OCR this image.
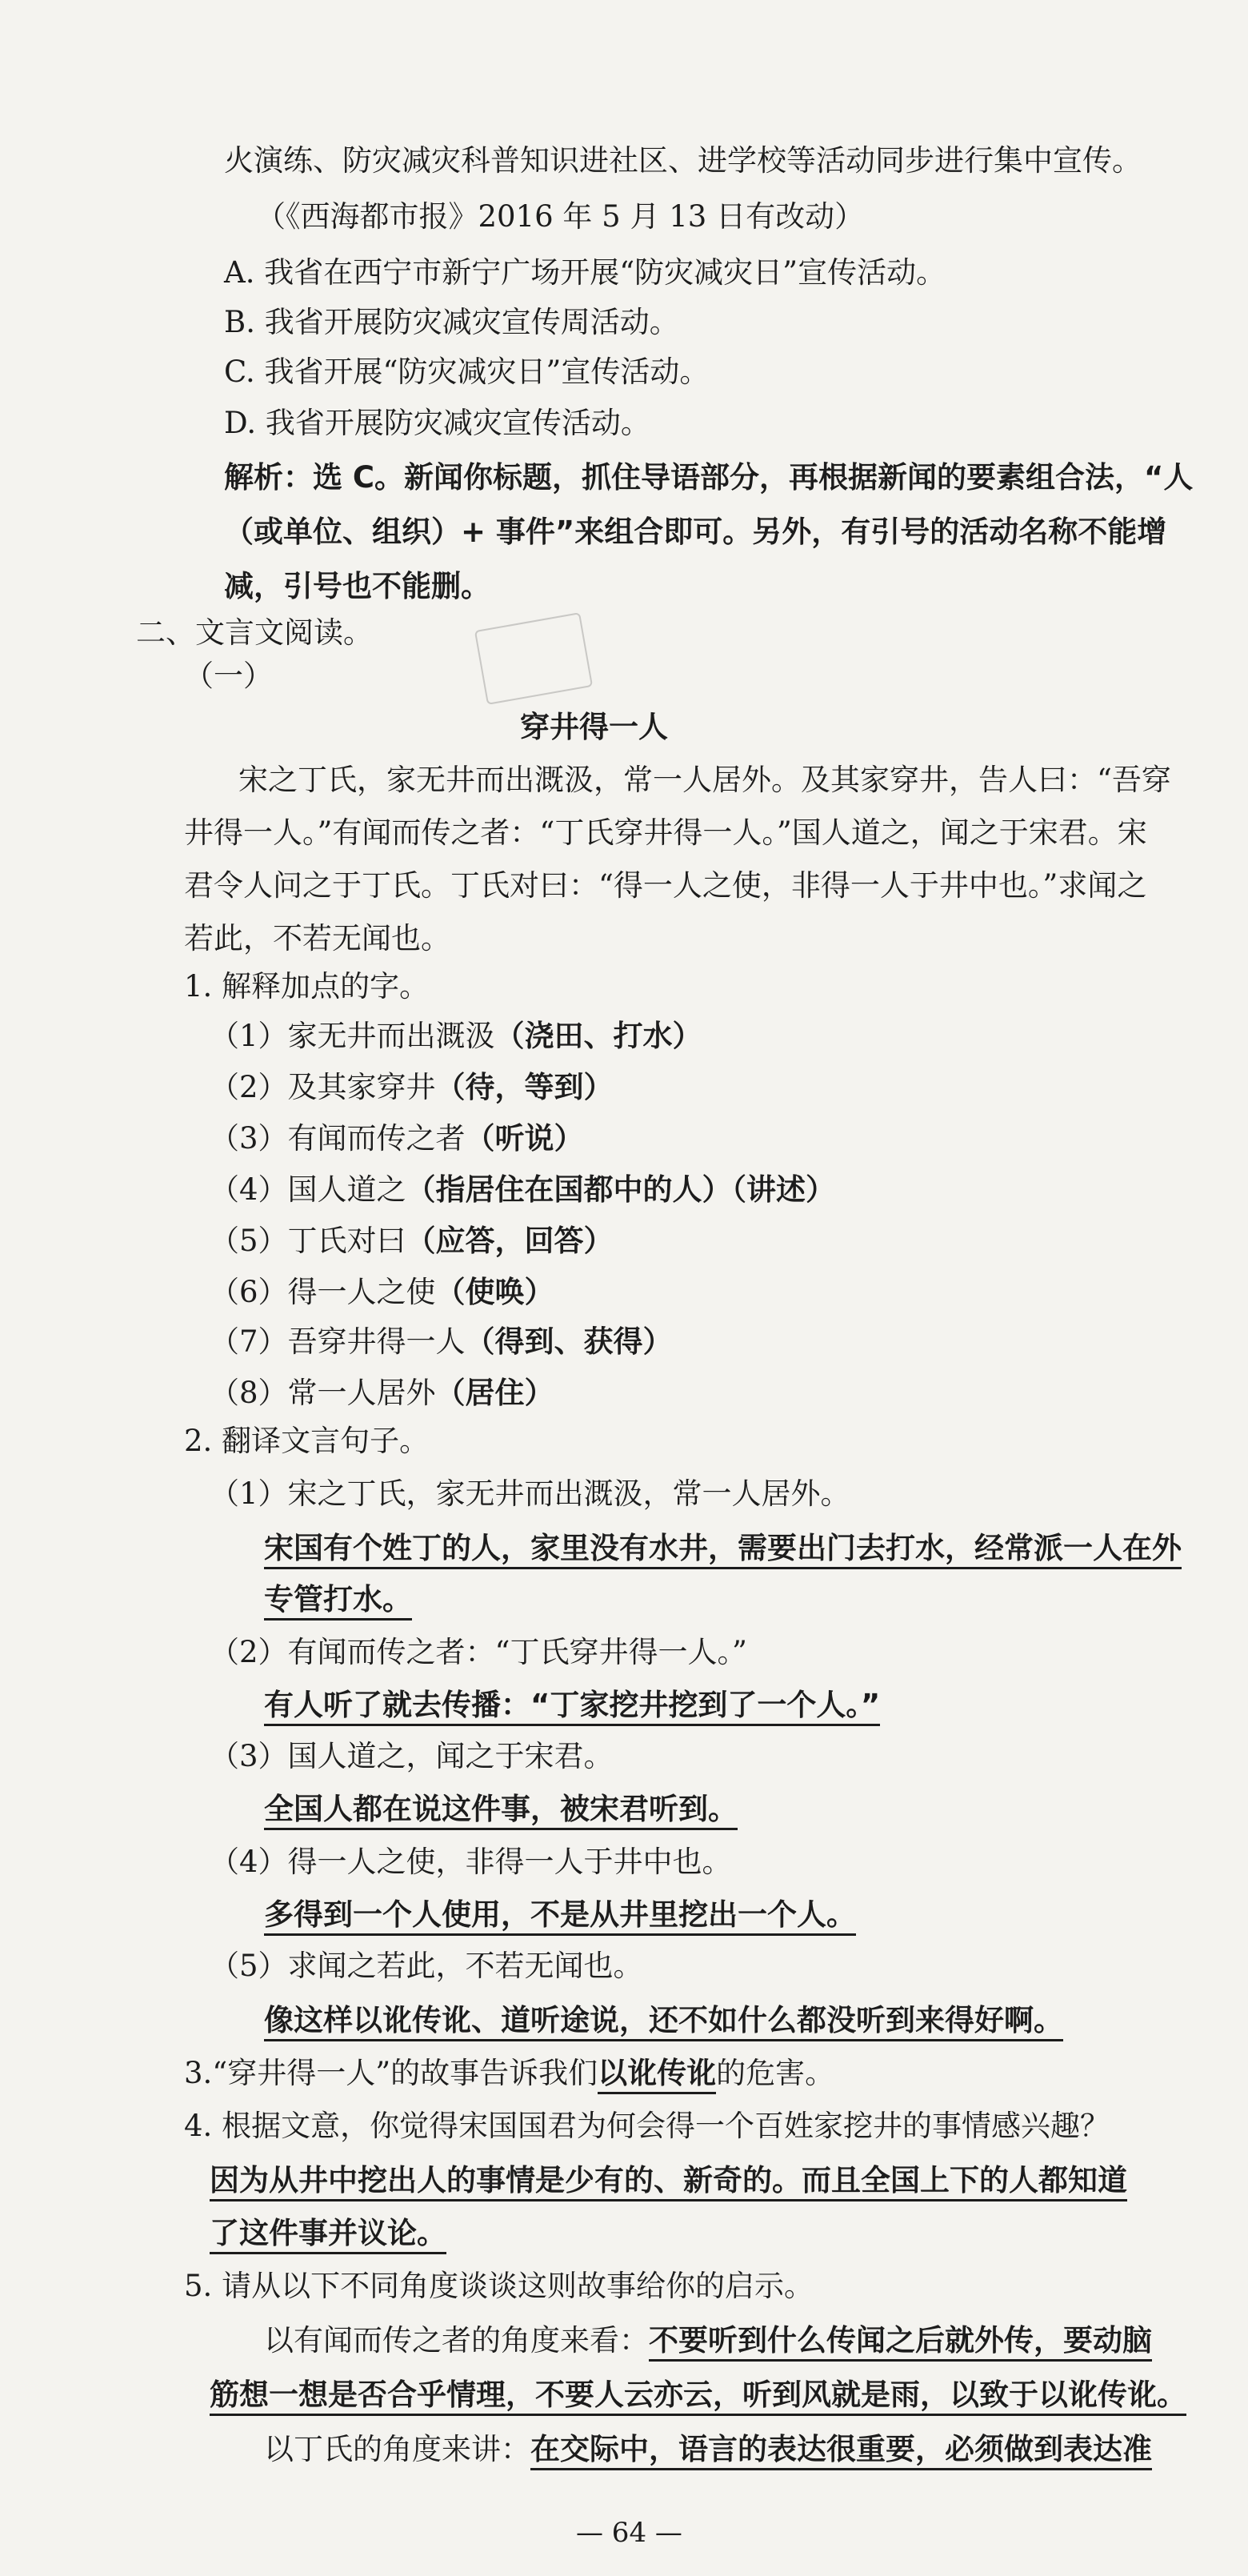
火演练、防灾减灾科普知识进社区、进学校等活动同步进行集中宣传。
（《西海都市报》2016 年 5 月 13 日有改动）
A. 我省在西宁市新宁广场开展“防灾减灾日”宣传活动。
B. 我省开展防灾减灾宣传周活动。
C. 我省开展“防灾减灾日”宣传活动。
D. 我省开展防灾减灾宣传活动。
解析：选 C。新闻你标题，抓住导语部分，再根据新闻的要素组合法，“人
（或单位、组织）+ 事件”来组合即可。另外，有引号的活动名称不能增
减，引号也不能删。
二、文言文阅读。
（一）
穿井得一人
宋之丁氏，家无井而出溉汲，常一人居外。及其家穿井，告人曰：“吾穿
井得一人。”有闻而传之者：“丁氏穿井得一人。”国人道之，闻之于宋君。宋
君令人问之于丁氏。丁氏对曰：“得一人之使，非得一人于井中也。”求闻之
若此，不若无闻也。
1. 解释加点的字。
（1）家无井而出溉汲（浇田、打水）
（2）及其家穿井（待，等到）
（3）有闻而传之者（听说）
（4）国人道之（指居住在国都中的人）（讲述）
（5）丁氏对曰（应答，回答）
（6）得一人之使（使唤）
（7）吾穿井得一人（得到、获得）
（8）常一人居外（居住）
2. 翻译文言句子。
（1）宋之丁氏，家无井而出溉汲，常一人居外。
宋国有个姓丁的人，家里没有水井，需要出门去打水，经常派一人在外
专管打水。
（2）有闻而传之者：“丁氏穿井得一人。”
有人听了就去传播：“丁家挖井挖到了一个人。”
（3）国人道之，闻之于宋君。
全国人都在说这件事，被宋君听到。
（4）得一人之使，非得一人于井中也。
多得到一个人使用，不是从井里挖出一个人。
（5）求闻之若此，不若无闻也。
像这样以讹传讹、道听途说，还不如什么都没听到来得好啊。
3.“穿井得一人”的故事告诉我们以讹传讹的危害。
4. 根据文意，你觉得宋国国君为何会得一个百姓家挖井的事情感兴趣？
因为从井中挖出人的事情是少有的、新奇的。而且全国上下的人都知道
了这件事并议论。
5. 请从以下不同角度谈谈这则故事给你的启示。
以有闻而传之者的角度来看：不要听到什么传闻之后就外传，要动脑
筋想一想是否合乎情理，不要人云亦云，听到风就是雨，以致于以讹传讹。
以丁氏的角度来讲：在交际中，语言的表达很重要，必须做到表达准
— 64 —
